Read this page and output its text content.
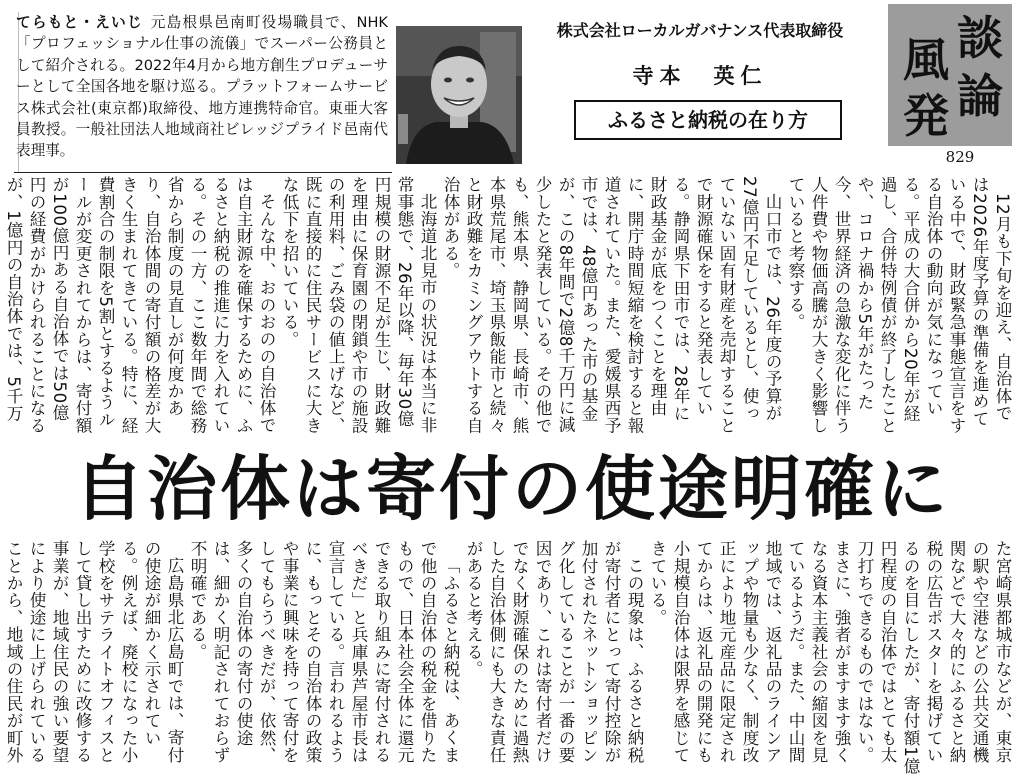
てらもと・えいじ 元島根県邑南町役場職員で、NHK「プロフェッショナル仕事の流儀」でスーパー公務員として紹介される。2022年4月から地方創生プロデューサーとして全国各地を駆け巡る。プラットフォームサービス株式会社(東京都)取締役、地方連携特命官。東亜大客員教授。一般社団法人地域商社ビレッジプライド邑南代表理事。
株式会社ローカルガバナンス代表取締役
寺本　英仁
ふるさと納税の在り方
談
論
風
発
829

12月も下旬を迎え、自治体では2026年度予算の準備を進めている中で、財政緊急事態宣言をする自治体の動向が気になっている。平成の大合併から20年が経過し、合併特例債が終了したことや、コロナ禍から5年がたった今、世界経済の急激な変化に伴う人件費や物価高騰が大きく影響していると考察する。

山口市では、26年度の予算が27億円不足しているとし、使っていない固有財産を売却することで財源確保をすると発表している。静岡県下田市では、28年に財政基金が底をつくことを理由に、開庁時間短縮を検討すると報道されていた。また、愛媛県西予市では、48億円あった市の基金が、この8年間で2億8千万円に減少したと発表している。その他でも、熊本県、静岡県、長崎市、熊本県荒尾市、埼玉県飯能市と続々と財政難をカミングアウトする自治体がある。

北海道北見市の状況は本当に非常事態で、26年以降、毎年30億円規模の財源不足が生じ、財政難を理由に保育園の閉鎖や市の施設の利用料、ごみ袋の値上げなど、既に直接的に住民サービスに大きな低下を招いている。

そんな中、おのおのの自治体では自主財源を確保するために、ふるさと納税の推進に力を入れている。その一方、ここ数年間で総務省から制度の見直しが何度かあり、自治体間の寄付額の格差が大きく生まれてきている。特に、経費割合の制限を5割とするようルールが変更されてからは、寄付額が100億円ある自治体では50億円の経費がかけられることになるが、1億円の自治体では、5千万

自治体は寄付の使途明確に

た宮崎県都城市などが、東京の駅や空港などの公共交通機関などで大々的にふるさと納税の広告ポスターを掲げているのを目にしたが、寄付額1億円程度の自治体ではとても太刀打ちできるものではない。まさに、強者がますます強くなる資本主義社会の縮図を見ているようだ。また、中山間地域では、返礼品のラインアップや物量も少なく、制度改正により地元産品に限定されてからは、返礼品の開発にも小規模自治体は限界を感じてきている。

この現象は、ふるさと納税が寄付者にとって寄付控除が加付されたネットショッピング化していることが一番の要因であり、これは寄付者だけでなく財源確保のために過熱した自治体側にも大きな責任があると考える。

「ふるさと納税は、あくまで他の自治体の税金を借りたもので、日本社会全体に還元できる取り組みに寄付されるべきだ」と兵庫県芦屋市長は宣言している。言われるように、もっとその自治体の政策や事業に興味を持って寄付をしてもらうべきだが、依然、多くの自治体の寄付の使途は、細かく明記されておらず不明確である。

広島県北広島町では、寄付の使途が細かく示されている。例えば、廃校になった小学校をサテライトオフィスとして貸し出すために改修する事業が、地域住民の強い要望により使途に上げられていることから、地域の住民が町外
